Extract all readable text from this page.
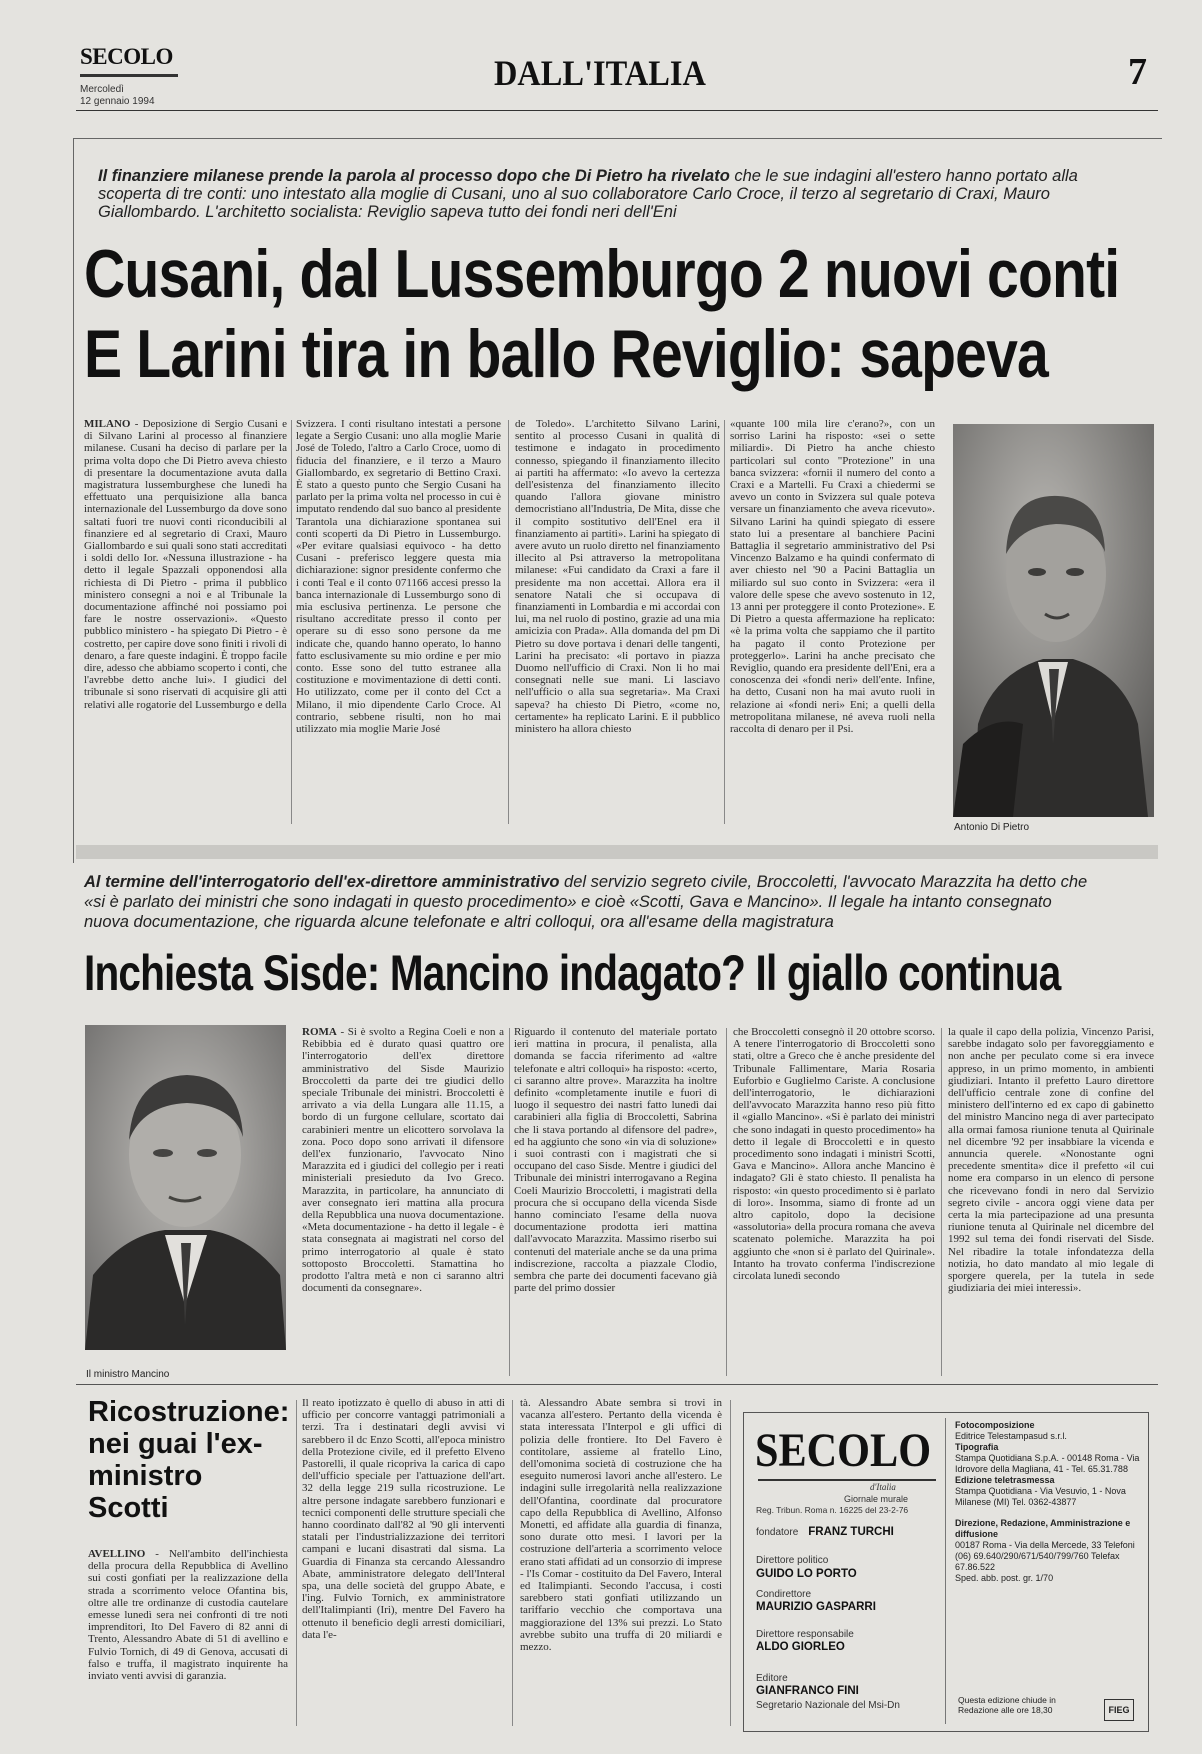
SECOLO
Mercoledì
12 gennaio 1994
DALL'ITALIA	7
Il finanziere milanese prende la parola al processo dopo che Di Pietro ha rivelato che le sue indagini all'estero hanno portato alla scoperta di tre conti: uno intestato alla moglie di Cusani, uno al suo collaboratore Carlo Croce, il terzo al segretario di Craxi, Mauro Giallombardo. L'architetto socialista: Reviglio sapeva tutto dei fondi neri dell'Eni
Cusani, dal Lussemburgo 2 nuovi conti
E Larini tira in ballo Reviglio: sapeva

MILANO - Deposizione di Sergio Cusani e di Silvano Larini al processo al finanziere milanese. Cusani ha deciso di parlare per la prima volta dopo che Di Pietro aveva chiesto di presentare la documentazione avuta dalla magistratura lussemburghese che lunedì ha effettuato una perquisizione alla banca internazionale del Lussemburgo da dove sono saltati fuori tre nuovi conti riconducibili al finanziere ed al segretario di Craxi, Mauro Giallombardo e sui quali sono stati accreditati i soldi dello Ior. «Nessuna illustrazione - ha detto il legale Spazzali opponendosi alla richiesta di Di Pietro - prima il pubblico ministero consegni a noi e al Tribunale la documentazione affinché noi possiamo poi fare le nostre osservazioni». «Questo pubblico ministero - ha spiegato Di Pietro - è costretto, per capire dove sono finiti i rivoli di denaro, a fare queste indagini. È troppo facile dire, adesso che abbiamo scoperto i conti, che l'avrebbe detto anche lui». I giudici del tribunale si sono riservati di acquisire gli atti relativi alle rogatorie del Lussemburgo e della

Svizzera. I conti risultano intestati a persone legate a Sergio Cusani: uno alla moglie Marie José de Toledo, l'altro a Carlo Croce, uomo di fiducia del finanziere, e il terzo a Mauro Giallombardo, ex segretario di Bettino Craxi. È stato a questo punto che Sergio Cusani ha parlato per la prima volta nel processo in cui è imputato rendendo dal suo banco al presidente Tarantola una dichiarazione spontanea sui conti scoperti da Di Pietro in Lussemburgo. «Per evitare qualsiasi equivoco - ha detto Cusani - preferisco leggere questa mia dichiarazione: signor presidente confermo che i conti Teal e il conto 071166 accesi presso la banca internazionale di Lussemburgo sono di mia esclusiva pertinenza. Le persone che risultano accreditate presso il conto per operare su di esso sono persone da me indicate che, quando hanno operato, lo hanno fatto esclusivamente su mio ordine e per mio conto. Esse sono del tutto estranee alla costituzione e movimentazione di detti conti. Ho utilizzato, come per il conto del Cct a Milano, il mio dipendente Carlo Croce. Al contrario, sebbene risulti, non ho mai utilizzato mia moglie Marie José

de Toledo». L'architetto Silvano Larini, sentito al processo Cusani in qualità di testimone e indagato in procedimento connesso, spiegando il finanziamento illecito ai partiti ha affermato: «Io avevo la certezza dell'esistenza del finanziamento illecito quando l'allora giovane ministro democristiano all'Industria, De Mita, disse che il compito sostitutivo dell'Enel era il finanziamento ai partiti». Larini ha spiegato di avere avuto un ruolo diretto nel finanziamento illecito al Psi attraverso la metropolitana milanese: «Fui candidato da Craxi a fare il presidente ma non accettai. Allora era il senatore Natali che si occupava di finanziamenti in Lombardia e mi accordai con lui, ma nel ruolo di postino, grazie ad una mia amicizia con Prada». Alla domanda del pm Di Pietro su dove portava i denari delle tangenti, Larini ha precisato: «li portavo in piazza Duomo nell'ufficio di Craxi. Non li ho mai consegnati nelle sue mani. Li lasciavo nell'ufficio o alla sua segretaria». Ma Craxi sapeva? ha chiesto Di Pietro, «come no, certamente» ha replicato Larini. E il pubblico ministero ha allora chiesto

«quante 100 mila lire c'erano?», con un sorriso Larini ha risposto: «sei o sette miliardi». Di Pietro ha anche chiesto particolari sul conto "Protezione" in una banca svizzera: «fornii il numero del conto a Craxi e a Martelli. Fu Craxi a chiedermi se avevo un conto in Svizzera sul quale poteva versare un finanziamento che aveva ricevuto». Silvano Larini ha quindi spiegato di essere stato lui a presentare al banchiere Pacini Battaglia il segretario amministrativo del Psi Vincenzo Balzamo e ha quindi confermato di aver chiesto nel '90 a Pacini Battaglia un miliardo sul suo conto in Svizzera: «era il valore delle spese che avevo sostenuto in 12, 13 anni per proteggere il conto Protezione». E Di Pietro a questa affermazione ha replicato: «è la prima volta che sappiamo che il partito ha pagato il conto Protezione per proteggerlo». Larini ha anche precisato che Reviglio, quando era presidente dell'Eni, era a conoscenza dei «fondi neri» dell'ente. Infine, ha detto, Cusani non ha mai avuto ruoli in relazione ai «fondi neri» Eni; a quelli della metropolitana milanese, né aveva ruoli nella raccolta di denaro per il Psi.

Antonio Di Pietro
Al termine dell'interrogatorio dell'ex-direttore amministrativo del servizio segreto civile, Broccoletti, l'avvocato Marazzita ha detto che «si è parlato dei ministri che sono indagati in questo procedimento» e cioè «Scotti, Gava e Mancino». Il legale ha intanto consegnato nuova documentazione, che riguarda alcune telefonate e altri colloqui, ora all'esame della magistratura
Inchiesta Sisde: Mancino indagato? Il giallo continua
Il ministro Mancino

ROMA - Si è svolto a Regina Coeli e non a Rebibbia ed è durato quasi quattro ore l'interrogatorio dell'ex direttore amministrativo del Sisde Maurizio Broccoletti da parte dei tre giudici dello speciale Tribunale dei ministri. Broccoletti è arrivato a via della Lungara alle 11.15, a bordo di un furgone cellulare, scortato dai carabinieri mentre un elicottero sorvolava la zona. Poco dopo sono arrivati il difensore dell'ex funzionario, l'avvocato Nino Marazzita ed i giudici del collegio per i reati ministeriali presieduto da Ivo Greco. Marazzita, in particolare, ha annunciato di aver consegnato ieri mattina alla procura della Repubblica una nuova documentazione. «Meta documentazione - ha detto il legale - è stata consegnata ai magistrati nel corso del primo interrogatorio al quale è stato sottoposto Broccoletti. Stamattina ho prodotto l'altra metà e non ci saranno altri documenti da consegnare».

Riguardo il contenuto del materiale portato ieri mattina in procura, il penalista, alla domanda se faccia riferimento ad «altre telefonate e altri colloqui» ha risposto: «certo, ci saranno altre prove». Marazzita ha inoltre definito «completamente inutile e fuori di luogo il sequestro dei nastri fatto lunedì dai carabinieri alla figlia di Broccoletti, Sabrina che li stava portando al difensore del padre», ed ha aggiunto che sono «in via di soluzione» i suoi contrasti con i magistrati che si occupano del caso Sisde. Mentre i giudici del Tribunale dei ministri interrogavano a Regina Coeli Maurizio Broccoletti, i magistrati della procura che si occupano della vicenda Sisde hanno cominciato l'esame della nuova documentazione prodotta ieri mattina dall'avvocato Marazzita. Massimo riserbo sui contenuti del materiale anche se da una prima indiscrezione, raccolta a piazzale Clodio, sembra che parte dei documenti facevano già parte del primo dossier

che Broccoletti consegnò il 20 ottobre scorso. A tenere l'interrogatorio di Broccoletti sono stati, oltre a Greco che è anche presidente del Tribunale Fallimentare, Maria Rosaria Euforbio e Guglielmo Cariste. A conclusione dell'interrogatorio, le dichiarazioni dell'avvocato Marazzita hanno reso più fitto il «giallo Mancino». «Si è parlato dei ministri che sono indagati in questo procedimento» ha detto il legale di Broccoletti e in questo procedimento sono indagati i ministri Scotti, Gava e Mancino». Allora anche Mancino è indagato? Gli è stato chiesto. Il penalista ha risposto: «in questo procedimento si è parlato di loro». Insomma, siamo di fronte ad un altro capitolo, dopo la decisione «assolutoria» della procura romana che aveva scatenato polemiche. Marazzita ha poi aggiunto che «non si è parlato del Quirinale». Intanto ha trovato conferma l'indiscrezione circolata lunedì secondo

la quale il capo della polizia, Vincenzo Parisi, sarebbe indagato solo per favoreggiamento e non anche per peculato come si era invece appreso, in un primo momento, in ambienti giudiziari. Intanto il prefetto Lauro direttore dell'ufficio centrale zone di confine del ministero dell'interno ed ex capo di gabinetto del ministro Mancino nega di aver partecipato alla ormai famosa riunione tenuta al Quirinale nel dicembre '92 per insabbiare la vicenda e annuncia querele. «Nonostante ogni precedente smentita» dice il prefetto «il cui nome era comparso in un elenco di persone che ricevevano fondi in nero dal Servizio segreto civile - ancora oggi viene data per certa la mia partecipazione ad una presunta riunione tenuta al Quirinale nel dicembre del 1992 sul tema dei fondi riservati del Sisde. Nel ribadire la totale infondatezza della notizia, ho dato mandato al mio legale di sporgere querela, per la tutela in sede giudiziaria dei miei interessi».

Ricostruzione: nei guai l'ex-ministro Scotti

AVELLINO - Nell'ambito dell'inchiesta della procura della Repubblica di Avellino sui costi gonfiati per la realizzazione della strada a scorrimento veloce Ofantina bis, oltre alle tre ordinanze di custodia cautelare emesse lunedì sera nei confronti di tre noti imprenditori, Ito Del Favero di 82 anni di Trento, Alessandro Abate di 51 di avellino e Fulvio Tornich, di 49 di Genova, accusati di falso e truffa, il magistrato inquirente ha inviato venti avvisi di garanzia.

Il reato ipotizzato è quello di abuso in atti di ufficio per concorre vantaggi patrimoniali a terzi. Tra i destinatari degli avvisi vi sarebbero il dc Enzo Scotti, all'epoca ministro della Protezione civile, ed il prefetto Elveno Pastorelli, il quale ricopriva la carica di capo dell'ufficio speciale per l'attuazione dell'art. 32 della legge 219 sulla ricostruzione. Le altre persone indagate sarebbero funzionari e tecnici componenti delle strutture speciali che hanno coordinato dall'82 al '90 gli interventi statali per l'industrializzazione dei territori campani e lucani disastrati dal sisma. La Guardia di Finanza sta cercando Alessandro Abate, amministratore delegato dell'Interal spa, una delle società del gruppo Abate, e l'ing. Fulvio Tornich, ex amministratore dell'Italimpianti (Iri), mentre Del Favero ha ottenuto il beneficio degli arresti domiciliari, data l'e-

tà. Alessandro Abate sembra si trovi in vacanza all'estero. Pertanto della vicenda è stata interessata l'Interpol e gli uffici di polizia delle frontiere. Ito Del Favero è contitolare, assieme al fratello Lino, dell'omonima società di costruzione che ha eseguito numerosi lavori anche all'estero. Le indagini sulle irregolarità nella realizzazione dell'Ofantina, coordinate dal procuratore capo della Repubblica di Avellino, Alfonso Monetti, ed affidate alla guardia di finanza, sono durate otto mesi. I lavori per la costruzione dell'arteria a scorrimento veloce erano stati affidati ad un consorzio di imprese - l'Is Comar - costituito da Del Favero, Interal ed Italimpianti. Secondo l'accusa, i costi sarebbero stati gonfiati utilizzando un tariffario vecchio che comportava una maggiorazione del 13% sui prezzi. Lo Stato avrebbe subito una truffa di 20 miliardi e mezzo.

SECOLO
d'Italia
Giornale murale
Reg. Tribun. Roma n. 16225 del 23-2-76
fondatore FRANZ TURCHI
Direttore politico
GUIDO LO PORTO
Condirettore
MAURIZIO GASPARRI
Direttore responsabile
ALDO GIORLEO
Editore
GIANFRANCO FINI
Segretario Nazionale del Msi-Dn
Fotocomposizione
Editrice Telestampasud s.r.l.
Tipografia
Stampa Quotidiana S.p.A. - 00148 Roma - Via Idrovore della Magliana, 41 - Tel. 65.31.788
Edizione teletrasmessa
Stampa Quotidiana - Via Vesuvio, 1 - Nova Milanese (MI) Tel. 0362-43877
Direzione, Redazione, Amministrazione e diffusione
00187 Roma - Via della Mercede, 33 Telefoni (06) 69.640/290/671/540/799/760 Telefax 67.86.522
Sped. abb. post. gr. 1/70
Questa edizione chiude in Redazione alle ore 18,30	FIEG
